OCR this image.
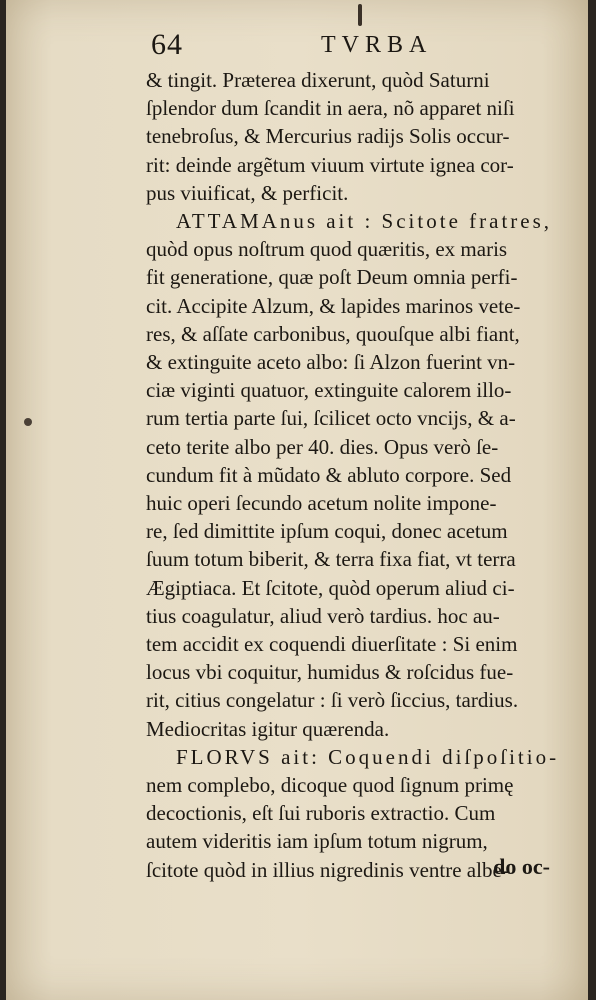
64	TVRBA
& tingit. Præterea dixerunt, quòd Saturni
ſplendor dum ſcandit in aera, nõ apparet niſi
tenebroſus, & Mercurius radijs Solis occur-
rit: deinde argẽtum viuum virtute ignea cor-
pus viuificat, & perficit.
ATTAMAnus ait : Scitote fratres,
quòd opus noſtrum quod quæritis, ex maris
fit generatione, quæ poſt Deum omnia perfi-
cit. Accipite Alzum, & lapides marinos vete-
res, & aſſate carbonibus, quouſque albi fiant,
& extinguite aceto albo: ſi Alzon fuerint vn-
ciæ viginti quatuor, extinguite calorem illo-
rum tertia parte ſui, ſcilicet octo vncijs, & a-
ceto terite albo per 40. dies. Opus verò ſe-
cundum fit à mũdato & abluto corpore. Sed
huic operi ſecundo acetum nolite impone-
re, ſed dimittite ipſum coqui, donec acetum
ſuum totum biberit, & terra fixa fiat, vt terra
Ægiptiaca. Et ſcitote, quòd operum aliud ci-
tius coagulatur, aliud verò tardius. hoc au-
tem accidit ex coquendi diuerſitate : Si enim
locus vbi coquitur, humidus & roſcidus fue-
rit, citius congelatur : ſi verò ſiccius, tardius.
Mediocritas igitur quærenda.
FLORVS ait: Coquendi diſpoſitio-
nem complebo, dicoque quod ſignum primę
decoctionis, eſt ſui ruboris extractio. Cum
autem videritis iam ipſum totum nigrum,
ſcitote quòd in illius nigredinis ventre albe-
do oc-
